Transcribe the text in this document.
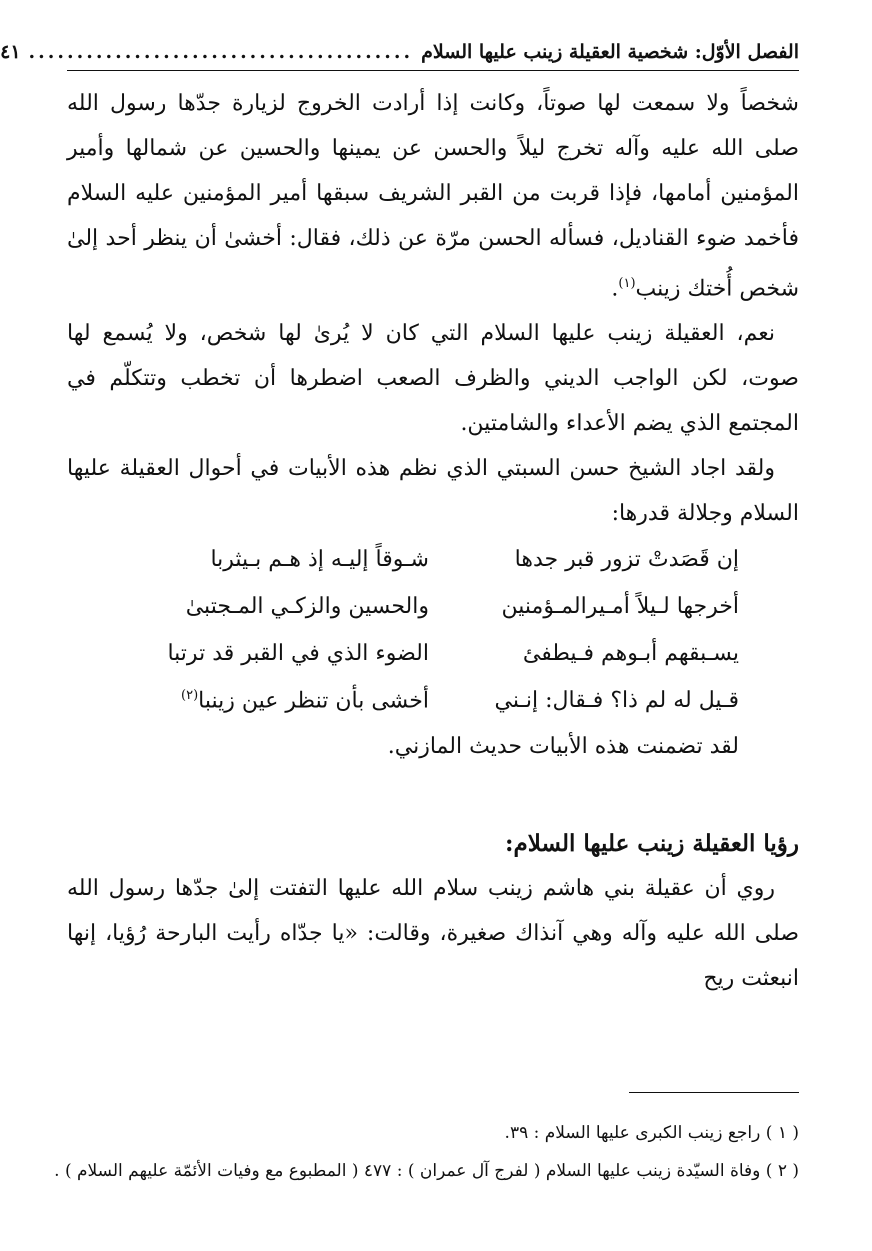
الفصل الأوّل: شخصية العقيلة زينب عليها السلام
........................................
٤١

شخصاً ولا سمعت لها صوتاً، وكانت إذا أرادت الخروج لزيارة جدّها رسول الله صلى الله عليه وآله تخرج ليلاً والحسن عن يمينها والحسين عن شمالها وأمير المؤمنين أمامها، فإذا قربت من القبر الشريف سبقها أمير المؤمنين عليه السلام فأخمد ضوء القناديل، فسأله الحسن مرّة عن ذلك، فقال: أخشىٰ أن ينظر أحد إلىٰ شخص أُختك زينب$^{(١)}$.

نعم، العقيلة زينب عليها السلام التي كان لا يُرىٰ لها شخص، ولا يُسمع لها صوت، لكن الواجب الديني والظرف الصعب اضطرها أن تخطب وتتكلّم في المجتمع الذي يضم الأعداء والشامتين.

ولقد اجاد الشيخ حسن السبتي الذي نظم هذه الأبيات في أحوال العقيلة عليها السلام وجلالة قدرها:

إن قَصَدتْ تزور قبر جدها
شـوقاً إليـه إذ هـم بـيثربا
أخرجها لـيلاً أمـيرالمـؤمنين
والحسين والزكـي المـجتبىٰ
يسـبقهم أبـوهم فـيطفئ
الضوء الذي في القبر قد ترتبا
قـيل له لم ذا؟ فـقال: إنـني
أخشى بأن تنظر عين زينبا$^{(٢)}$
لقد تضمنت هذه الأبيات حديث المازني.
رؤيا العقيلة زينب عليها السلام:

روي أن عقيلة بني هاشم زينب سلام الله عليها التفتت إلىٰ جدّها رسول الله صلى الله عليه وآله وهي آنذاك صغيرة، وقالت: «يا جدّاه رأيت البارحة رُؤيا، إنها انبعثت ريح

( ١ ) راجع زينب الكبرى عليها السلام : ٣٩.
( ٢ ) وفاة السيّدة زينب عليها السلام ( لفرج آل عمران ) : ٤٧٧ ( المطبوع مع وفيات الأئمّة عليهم السلام ) .
